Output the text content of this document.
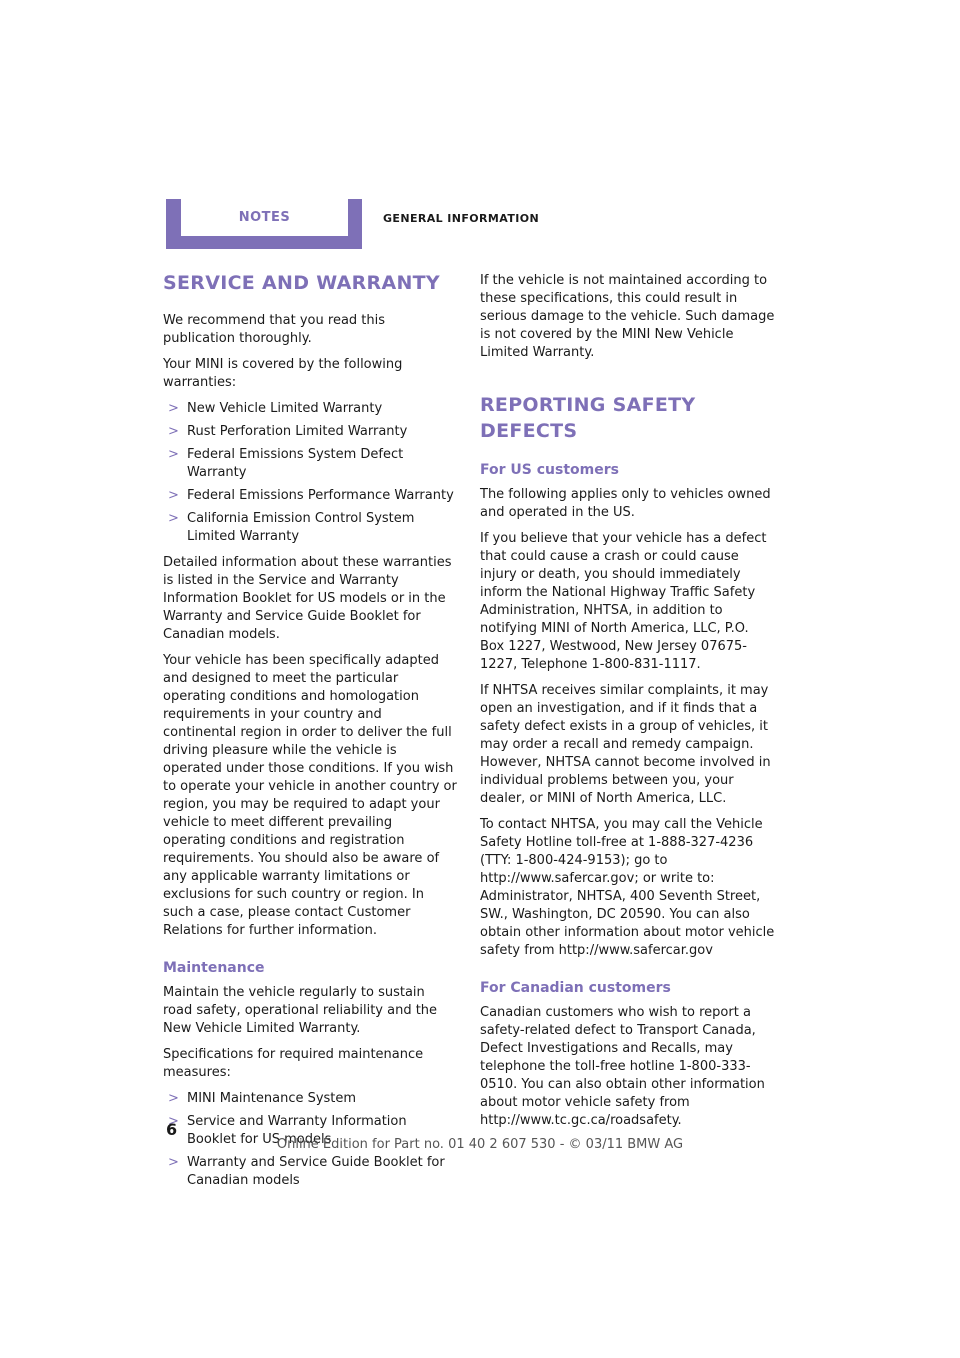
NOTES	GENERAL INFORMATION
SERVICE AND WARRANTY

We recommend that you read this publication thoroughly.

Your MINI is covered by the following warranties:

> New Vehicle Limited Warranty
> Rust Perforation Limited Warranty
> Federal Emissions System Defect Warranty
> Federal Emissions Performance Warranty
> California Emission Control System Limited Warranty

Detailed information about these warranties is listed in the Service and Warranty Information Booklet for US models or in the Warranty and Service Guide Booklet for Canadian models.

Your vehicle has been specifically adapted and designed to meet the particular operating conditions and homologation requirements in your country and continental region in order to deliver the full driving pleasure while the vehicle is operated under those conditions. If you wish to operate your vehicle in another country or region, you may be required to adapt your vehicle to meet different prevailing operating conditions and registration requirements. You should also be aware of any applicable warranty limitations or exclusions for such country or region. In such a case, please contact Customer Relations for further information.

Maintenance

Maintain the vehicle regularly to sustain road safety, operational reliability and the New Vehicle Limited Warranty.

Specifications for required maintenance measures:

> MINI Maintenance System
> Service and Warranty Information Booklet for US models
> Warranty and Service Guide Booklet for Canadian models

If the vehicle is not maintained according to these specifications, this could result in serious damage to the vehicle. Such damage is not covered by the MINI New Vehicle Limited Warranty.

REPORTING SAFETY DEFECTS
For US customers

The following applies only to vehicles owned and operated in the US.

If you believe that your vehicle has a defect that could cause a crash or could cause injury or death, you should immediately inform the National Highway Traffic Safety Administration, NHTSA, in addition to notifying MINI of North America, LLC, P.O. Box 1227, Westwood, New Jersey 07675-1227, Telephone 1-800-831-1117.

If NHTSA receives similar complaints, it may open an investigation, and if it finds that a safety defect exists in a group of vehicles, it may order a recall and remedy campaign. However, NHTSA cannot become involved in individual problems between you, your dealer, or MINI of North America, LLC.

To contact NHTSA, you may call the Vehicle Safety Hotline toll-free at 1-888-327-4236 (TTY: 1-800-424-9153); go to http://www.safercar.gov; or write to: Administrator, NHTSA, 400 Seventh Street, SW., Washington, DC 20590. You can also obtain other information about motor vehicle safety from http://www.safercar.gov

For Canadian customers

Canadian customers who wish to report a safety-related defect to Transport Canada, Defect Investigations and Recalls, may telephone the toll-free hotline 1-800-333-0510. You can also obtain other information about motor vehicle safety from http://www.tc.gc.ca/roadsafety.

6
Online Edition for Part no. 01 40 2 607 530 - © 03/11 BMW AG
